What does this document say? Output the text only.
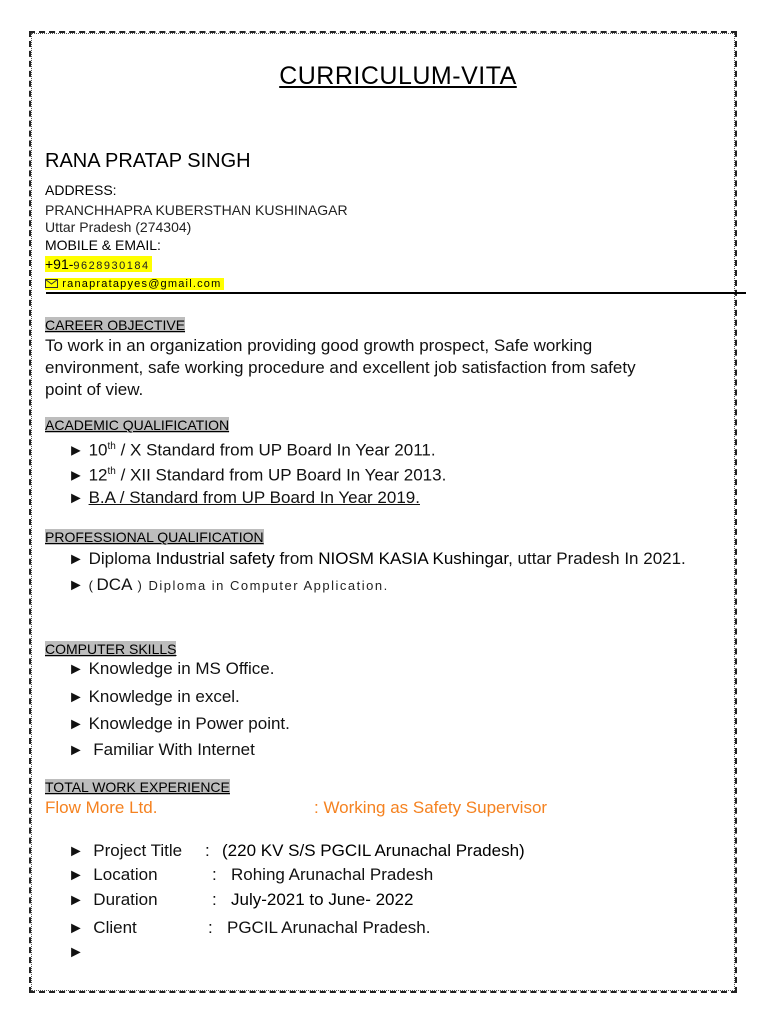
CURRICULUM-VITA
RANA PRATAP SINGH
ADDRESS:
PRANCHHAPRA KUBERSTHAN KUSHINAGAR
Uttar Pradesh (274304)
MOBILE & EMAIL:
+91-9628930184
ranapratapyes@gmail.com
CAREER OBJECTIVE
To work in an organization providing good growth prospect, Safe working
environment, safe working procedure and excellent job satisfaction from safety
point of view.
ACADEMIC QUALIFICATION
► 10th / X Standard from UP Board In Year 2011.
► 12th / XII Standard from UP Board In Year 2013.
► B.A / Standard from UP Board In Year 2019.
PROFESSIONAL QUALIFICATION
► Diploma Industrial safety from NIOSM KASIA Kushingar, uttar Pradesh In 2021.
► ( DCA ) Diploma in Computer Application.
COMPUTER SKILLS
► Knowledge in MS Office.
► Knowledge in excel.
► Knowledge in Power point.
► Familiar With Internet
TOTAL WORK EXPERIENCE
Flow More Ltd.	: Working as Safety Supervisor
► Project Title : (220 KV S/S PGCIL Arunachal Pradesh)
► Location	: Rohing Arunachal Pradesh
► Duration	: July-2021 to June- 2022
► Client	: PGCIL Arunachal Pradesh.
►
